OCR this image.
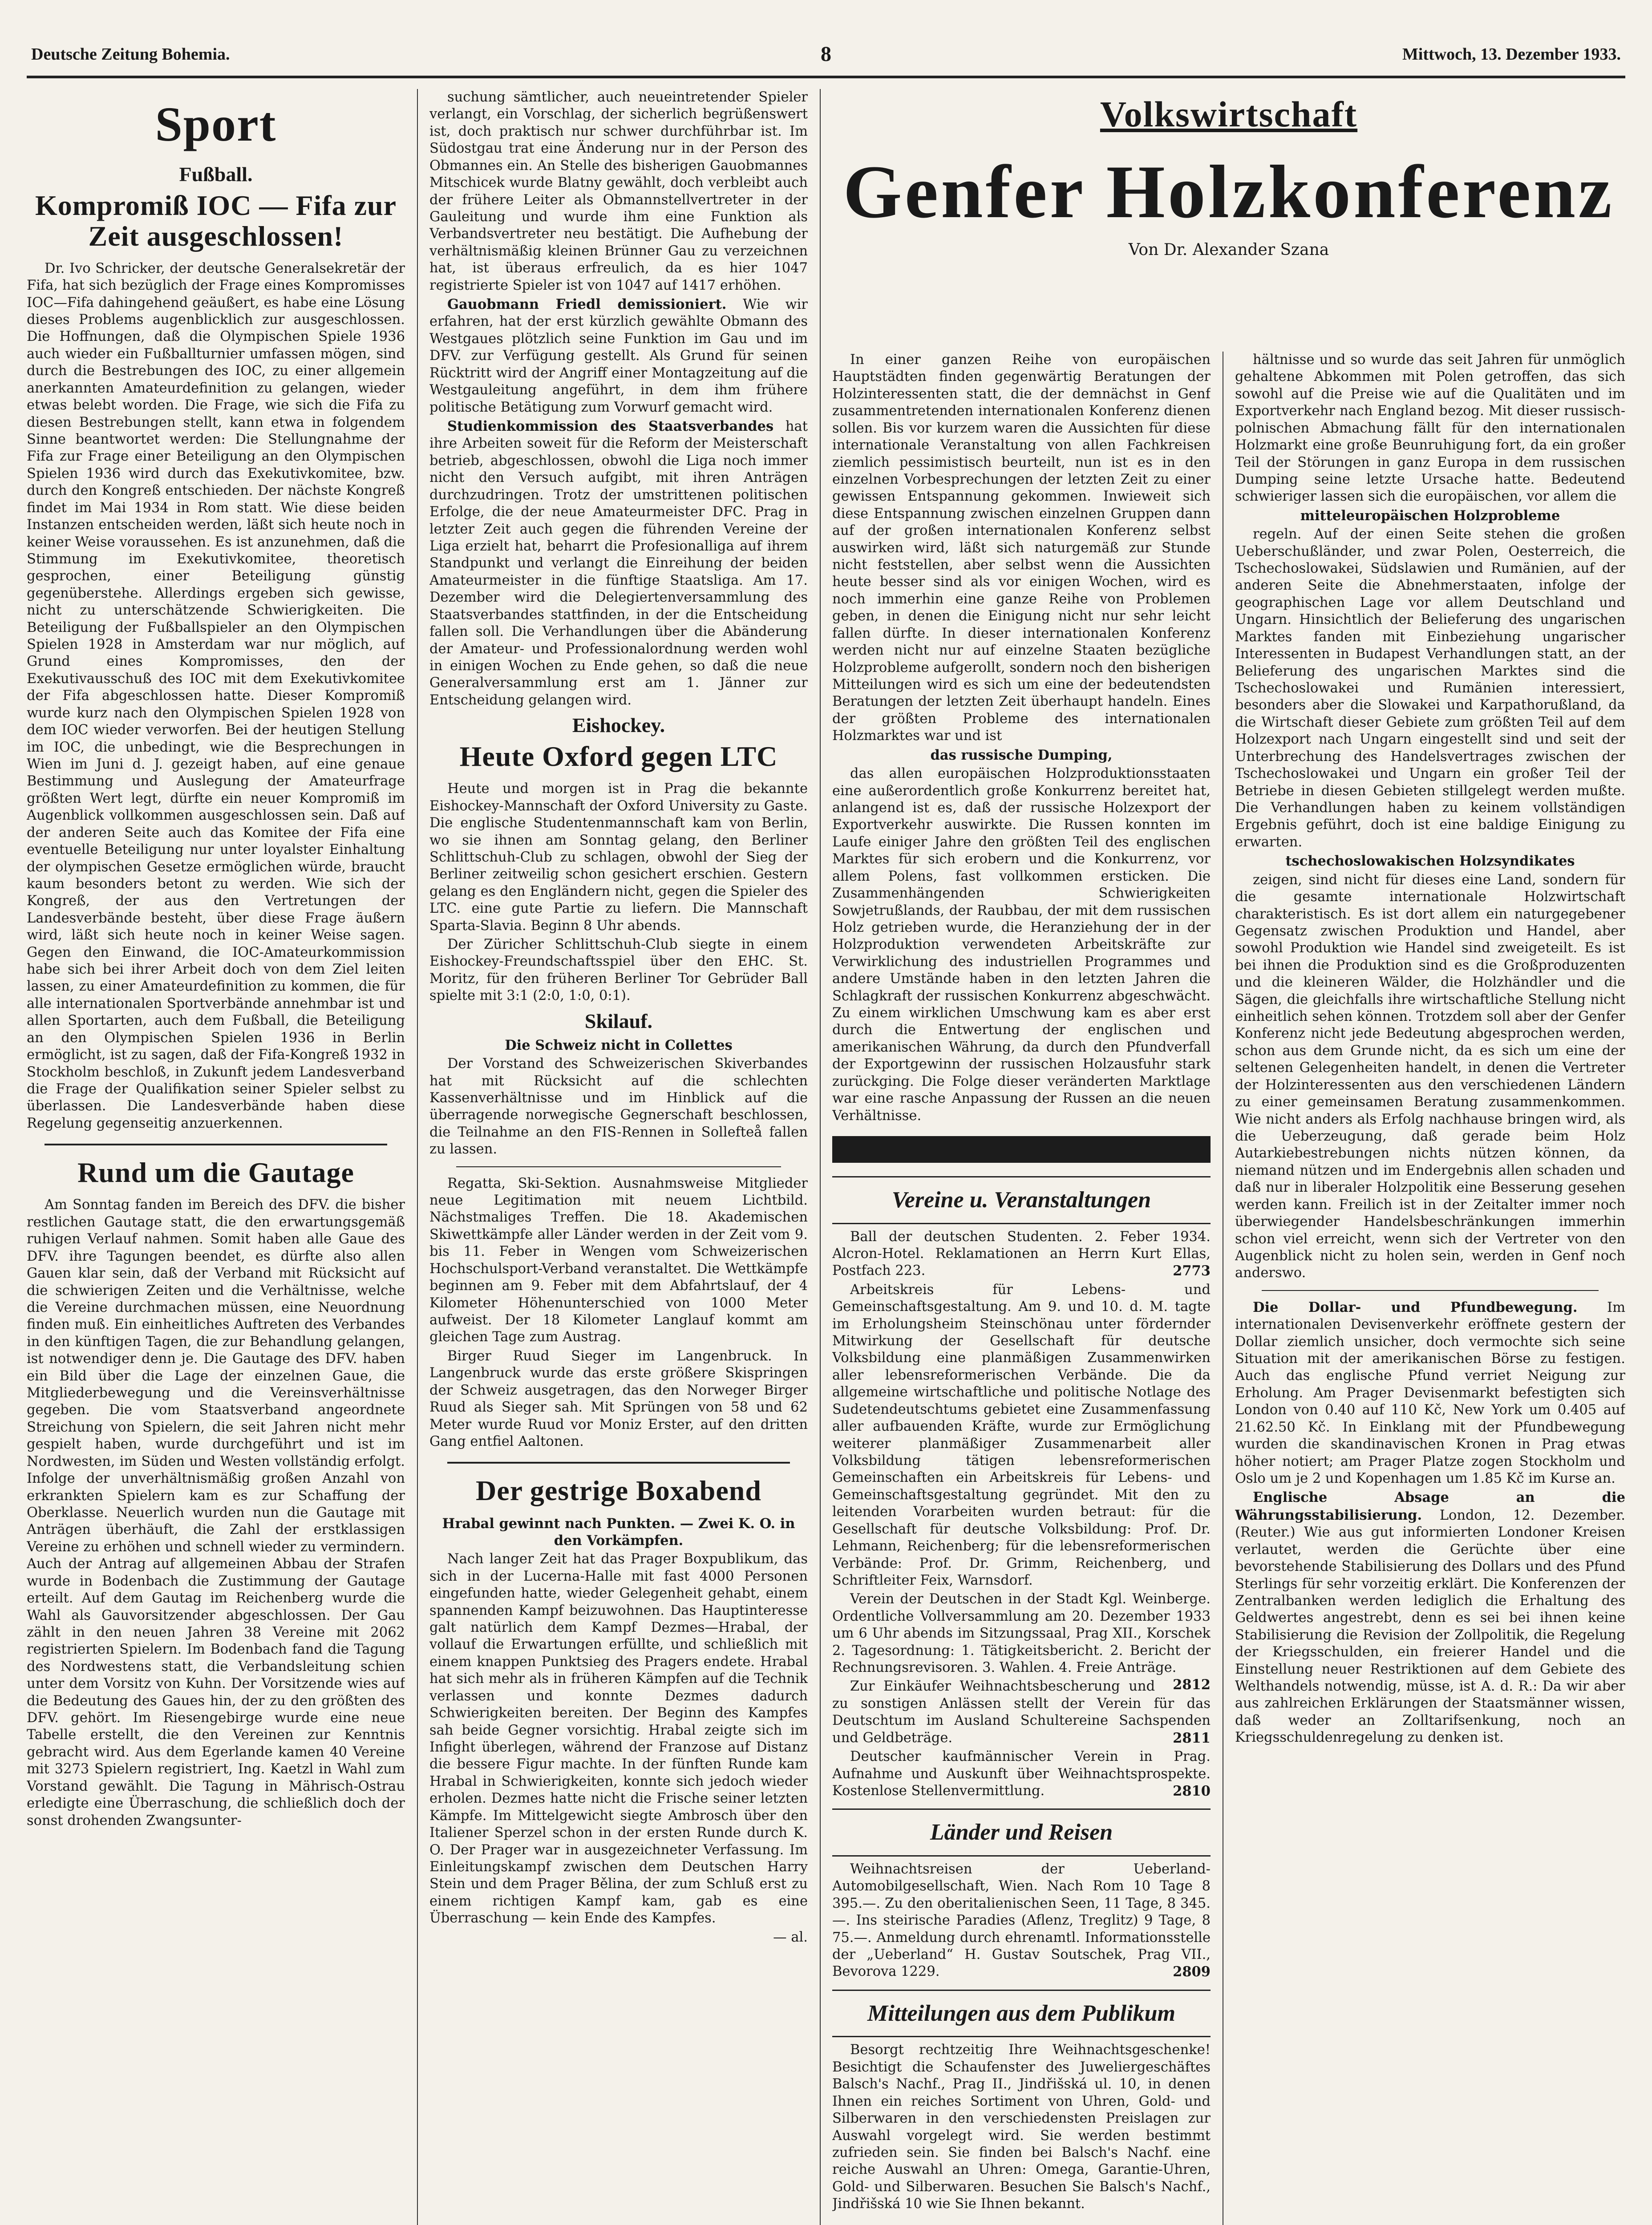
Deutsche Zeitung Bohemia.	8	Mittwoch, 13. Dezember 1933.
Sport
Fußball.
Kompromiß IOC — Fifa zur Zeit ausgeschlossen!

Dr. Ivo Schricker, der deutsche Generalsekretär der Fifa, hat sich bezüglich der Frage eines Kompromisses IOC—Fifa dahingehend geäußert, es habe eine Lösung dieses Problems augenblicklich zur ausgeschlossen. Die Hoffnungen, daß die Olympischen Spiele 1936 auch wieder ein Fußballturnier umfassen mögen, sind durch die Bestrebungen des IOC, zu einer allgemein anerkannten Amateurdefinition zu gelangen, wieder etwas belebt worden. Die Frage, wie sich die Fifa zu diesen Bestrebungen stellt, kann etwa in folgendem Sinne beantwortet werden: Die Stellungnahme der Fifa zur Frage einer Beteiligung an den Olympischen Spielen 1936 wird durch das Exekutivkomitee, bzw. durch den Kongreß entschieden. Der nächste Kongreß findet im Mai 1934 in Rom statt. Wie diese beiden Instanzen entscheiden werden, läßt sich heute noch in keiner Weise voraussehen. Es ist anzunehmen, daß die Stimmung im Exekutivkomitee, theoretisch gesprochen, einer Beteiligung günstig gegenüberstehe. Allerdings ergeben sich gewisse, nicht zu unterschätzende Schwierigkeiten. Die Beteiligung der Fußballspieler an den Olympischen Spielen 1928 in Amsterdam war nur möglich, auf Grund eines Kompromisses, den der Exekutivausschuß des IOC mit dem Exekutivkomitee der Fifa abgeschlossen hatte. Dieser Kompromiß wurde kurz nach den Olympischen Spielen 1928 von dem IOC wieder verworfen. Bei der heutigen Stellung im IOC, die unbedingt, wie die Besprechungen in Wien im Juni d. J. gezeigt haben, auf eine genaue Bestimmung und Auslegung der Amateurfrage größten Wert legt, dürfte ein neuer Kompromiß im Augenblick vollkommen ausgeschlossen sein. Daß auf der anderen Seite auch das Komitee der Fifa eine eventuelle Beteiligung nur unter loyalster Einhaltung der olympischen Gesetze ermöglichen würde, braucht kaum besonders betont zu werden. Wie sich der Kongreß, der aus den Vertretungen der Landesverbände besteht, über diese Frage äußern wird, läßt sich heute noch in keiner Weise sagen. Gegen den Einwand, die IOC-Amateurkommission habe sich bei ihrer Arbeit doch von dem Ziel leiten lassen, zu einer Amateurdefinition zu kommen, die für alle internationalen Sportverbände annehmbar ist und allen Sportarten, auch dem Fußball, die Beteiligung an den Olympischen Spielen 1936 in Berlin ermöglicht, ist zu sagen, daß der Fifa-Kongreß 1932 in Stockholm beschloß, in Zukunft jedem Landesverband die Frage der Qualifikation seiner Spieler selbst zu überlassen. Die Landesverbände haben diese Regelung gegenseitig anzuerkennen.

Rund um die Gautage

Am Sonntag fanden im Bereich des DFV. die bisher restlichen Gautage statt, die den erwartungsgemäß ruhigen Verlauf nahmen. Somit haben alle Gaue des DFV. ihre Tagungen beendet, es dürfte also allen Gauen klar sein, daß der Verband mit Rücksicht auf die schwierigen Zeiten und die Verhältnisse, welche die Vereine durchmachen müssen, eine Neuordnung finden muß. Ein einheitliches Auftreten des Verbandes in den künftigen Tagen, die zur Behandlung gelangen, ist notwendiger denn je. Die Gautage des DFV. haben ein Bild über die Lage der einzelnen Gaue, die Mitgliederbewegung und die Vereinsverhältnisse gegeben. Die vom Staatsverband angeordnete Streichung von Spielern, die seit Jahren nicht mehr gespielt haben, wurde durchgeführt und ist im Nordwesten, im Süden und Westen vollständig erfolgt. Infolge der unverhältnismäßig großen Anzahl von erkrankten Spielern kam es zur Schaffung der Oberklasse. Neuerlich wurden nun die Gautage mit Anträgen überhäuft, die Zahl der erstklassigen Vereine zu erhöhen und schnell wieder zu vermindern. Auch der Antrag auf allgemeinen Abbau der Strafen wurde in Bodenbach die Zustimmung der Gautage erteilt. Auf dem Gautag im Reichenberg wurde die Wahl als Gauvorsitzender abgeschlossen. Der Gau zählt in den neuen Jahren 38 Vereine mit 2062 registrierten Spielern. Im Bodenbach fand die Tagung des Nordwestens statt, die Verbandsleitung schien unter dem Vorsitz von Kuhn. Der Vorsitzende wies auf die Bedeutung des Gaues hin, der zu den größten des DFV. gehört. Im Riesengebirge wurde eine neue Tabelle erstellt, die den Vereinen zur Kenntnis gebracht wird. Aus dem Egerlande kamen 40 Vereine mit 3273 Spielern registriert, Ing. Kaetzl in Wahl zum Vorstand gewählt. Die Tagung in Mährisch-Ostrau erledigte eine Überraschung, die schließlich doch der sonst drohenden Zwangsunter-

suchung sämtlicher, auch neueintretender Spieler verlangt, ein Vorschlag, der sicherlich begrüßenswert ist, doch praktisch nur schwer durchführbar ist. Im Südostgau trat eine Änderung nur in der Person des Obmannes ein. An Stelle des bisherigen Gauobmannes Mitschicek wurde Blatny gewählt, doch verbleibt auch der frühere Leiter als Obmannstellvertreter in der Gauleitung und wurde ihm eine Funktion als Verbandsvertreter neu bestätigt. Die Aufhebung der verhältnismäßig kleinen Brünner Gau zu verzeichnen hat, ist überaus erfreulich, da es hier 1047 registrierte Spieler ist von 1047 auf 1417 erhöhen.

Gauobmann Friedl demissioniert. Wie wir erfahren, hat der erst kürzlich gewählte Obmann des Westgaues plötzlich seine Funktion im Gau und im DFV. zur Verfügung gestellt. Als Grund für seinen Rücktritt wird der Angriff einer Montagzeitung auf die Westgauleitung angeführt, in dem ihm frühere politische Betätigung zum Vorwurf gemacht wird.

Studienkommission des Staatsverbandes hat ihre Arbeiten soweit für die Reform der Meisterschaft betrieb, abgeschlossen, obwohl die Liga noch immer nicht den Versuch aufgibt, mit ihren Anträgen durchzudringen. Trotz der umstrittenen politischen Erfolge, die der neue Amateurmeister DFC. Prag in letzter Zeit auch gegen die führenden Vereine der Liga erzielt hat, beharrt die Profesionalliga auf ihrem Standpunkt und verlangt die Einreihung der beiden Amateurmeister in die fünftige Staatsliga. Am 17. Dezember wird die Delegiertenversammlung des Staatsverbandes stattfinden, in der die Entscheidung fallen soll. Die Verhandlungen über die Abänderung der Amateur- und Professionalordnung werden wohl in einigen Wochen zu Ende gehen, so daß die neue Generalversammlung erst am 1. Jänner zur Entscheidung gelangen wird.

Eishockey.
Heute Oxford gegen LTC

Heute und morgen ist in Prag die bekannte Eishockey-Mannschaft der Oxford University zu Gaste. Die englische Studentenmannschaft kam von Berlin, wo sie ihnen am Sonntag gelang, den Berliner Schlittschuh-Club zu schlagen, obwohl der Sieg der Berliner zeitweilig schon gesichert erschien. Gestern gelang es den Engländern nicht, gegen die Spieler des LTC. eine gute Partie zu liefern. Die Mannschaft Sparta-Slavia. Beginn 8 Uhr abends.

Der Züricher Schlittschuh-Club siegte in einem Eishockey-Freundschaftsspiel über den EHC. St. Moritz, für den früheren Berliner Tor Gebrüder Ball spielte mit 3:1 (2:0, 1:0, 0:1).

Skilauf.

Die Schweiz nicht in Collettes

Der Vorstand des Schweizerischen Skiverbandes hat mit Rücksicht auf die schlechten Kassenverhältnisse und im Hinblick auf die überragende norwegische Gegnerschaft beschlossen, die Teilnahme an den FIS-Rennen in Sollefteå fallen zu lassen.

Regatta, Ski-Sektion. Ausnahmsweise Mitglieder neue Legitimation mit neuem Lichtbild. Nächstmaliges Treffen. Die 18. Akademischen Skiwettkämpfe aller Länder werden in der Zeit vom 9. bis 11. Feber in Wengen vom Schweizerischen Hochschulsport-Verband veranstaltet. Die Wettkämpfe beginnen am 9. Feber mit dem Abfahrtslauf, der 4 Kilometer Höhenunterschied von 1000 Meter aufweist. Der 18 Kilometer Langlauf kommt am gleichen Tage zum Austrag.

Birger Ruud Sieger im Langenbruck. In Langenbruck wurde das erste größere Skispringen der Schweiz ausgetragen, das den Norweger Birger Ruud als Sieger sah. Mit Sprüngen von 58 und 62 Meter wurde Ruud vor Moniz Erster, auf den dritten Gang entfiel Aaltonen.

Der gestrige Boxabend

Hrabal gewinnt nach Punkten. — Zwei K. O. in den Vorkämpfen.

Nach langer Zeit hat das Prager Boxpublikum, das sich in der Lucerna-Halle mit fast 4000 Personen eingefunden hatte, wieder Gelegenheit gehabt, einem spannenden Kampf beizuwohnen. Das Hauptinteresse galt natürlich dem Kampf Dezmes—Hrabal, der vollauf die Erwartungen erfüllte, und schließlich mit einem knappen Punktsieg des Pragers endete. Hrabal hat sich mehr als in früheren Kämpfen auf die Technik verlassen und konnte Dezmes dadurch Schwierigkeiten bereiten. Der Beginn des Kampfes sah beide Gegner vorsichtig. Hrabal zeigte sich im Infight überlegen, während der Franzose auf Distanz die bessere Figur machte. In der fünften Runde kam Hrabal in Schwierigkeiten, konnte sich jedoch wieder erholen. Dezmes hatte nicht die Frische seiner letzten Kämpfe. Im Mittelgewicht siegte Ambrosch über den Italiener Sperzel schon in der ersten Runde durch K. O. Der Prager war in ausgezeichneter Verfassung. Im Einleitungskampf zwischen dem Deutschen Harry Stein und dem Prager Bělina, der zum Schluß erst zu einem richtigen Kampf kam, gab es eine Überraschung — kein Ende des Kampfes.

— al.

Volkswirtschaft
Genfer Holzkonferenz
Von Dr. Alexander Szana

In einer ganzen Reihe von europäischen Hauptstädten finden gegenwärtig Beratungen der Holzinteressenten statt, die der demnächst in Genf zusammentretenden internationalen Konferenz dienen sollen. Bis vor kurzem waren die Aussichten für diese internationale Veranstaltung von allen Fachkreisen ziemlich pessimistisch beurteilt, nun ist es in den einzelnen Vorbesprechungen der letzten Zeit zu einer gewissen Entspannung gekommen. Inwieweit sich diese Entspannung zwischen einzelnen Gruppen dann auf der großen internationalen Konferenz selbst auswirken wird, läßt sich naturgemäß zur Stunde nicht feststellen, aber selbst wenn die Aussichten heute besser sind als vor einigen Wochen, wird es noch immerhin eine ganze Reihe von Problemen geben, in denen die Einigung nicht nur sehr leicht fallen dürfte. In dieser internationalen Konferenz werden nicht nur auf einzelne Staaten bezügliche Holzprobleme aufgerollt, sondern noch den bisherigen Mitteilungen wird es sich um eine der bedeutendsten Beratungen der letzten Zeit überhaupt handeln. Eines der größten Probleme des internationalen Holzmarktes war und ist

das russische Dumping,

das allen europäischen Holzproduktionsstaaten eine außerordentlich große Konkurrenz bereitet hat, anlangend ist es, daß der russische Holzexport der Exportverkehr auswirkte. Die Russen konnten im Laufe einiger Jahre den größten Teil des englischen Marktes für sich erobern und die Konkurrenz, vor allem Polens, fast vollkommen ersticken. Die Zusammenhängenden Schwierigkeiten Sowjetrußlands, der Raubbau, der mit dem russischen Holz getrieben wurde, die Heranziehung der in der Holzproduktion verwendeten Arbeitskräfte zur Verwirklichung des industriellen Programmes und andere Umstände haben in den letzten Jahren die Schlagkraft der russischen Konkurrenz abgeschwächt. Zu einem wirklichen Umschwung kam es aber erst durch die Entwertung der englischen und amerikanischen Währung, da durch den Pfundverfall der Exportgewinn der russischen Holzausfuhr stark zurückging. Die Folge dieser veränderten Marktlage war eine rasche Anpassung der Russen an die neuen Verhältnisse.

Vereine u. Veranstaltungen

Ball der deutschen Studenten. 2. Feber 1934. Alcron-Hotel. Reklamationen an Herrn Kurt Ellas, Postfach 223.	2773

Arbeitskreis für Lebens- und Gemeinschaftsgestaltung. Am 9. und 10. d. M. tagte im Erholungsheim Steinschönau unter fördernder Mitwirkung der Gesellschaft für deutsche Volksbildung eine planmäßigen Zusammenwirken aller lebensreformerischen Verbände. Die da allgemeine wirtschaftliche und politische Notlage des Sudetendeutschtums gebietet eine Zusammenfassung aller aufbauenden Kräfte, wurde zur Ermöglichung weiterer planmäßiger Zusammenarbeit aller Volksbildung tätigen lebensreformerischen Gemeinschaften ein Arbeitskreis für Lebens- und Gemeinschaftsgestaltung gegründet. Mit den zu leitenden Vorarbeiten wurden betraut: für die Gesellschaft für deutsche Volksbildung: Prof. Dr. Lehmann, Reichenberg; für die lebensreformerischen Verbände: Prof. Dr. Grimm, Reichenberg, und Schriftleiter Feix, Warnsdorf.

Verein der Deutschen in der Stadt Kgl. Weinberge. Ordentliche Vollversammlung am 20. Dezember 1933 um 6 Uhr abends im Sitzungssaal, Prag XII., Korschek 2. Tagesordnung: 1. Tätigkeitsbericht. 2. Bericht der Rechnungsrevisoren. 3. Wahlen. 4. Freie Anträge.
2812

Zur Einkäufer Weihnachtsbescherung und zu sonstigen Anlässen stellt der Verein für das Deutschtum im Ausland Schultereine Sachspenden und Geldbeträge.	2811

Deutscher kaufmännischer Verein in Prag. Aufnahme und Auskunft über Weihnachtsprospekte. Kostenlose Stellenvermittlung.	2810

Länder und Reisen

Weihnachtsreisen der Ueberland-Automobilgesellschaft, Wien. Nach Rom 10 Tage 8 395.—. Zu den oberitalienischen Seen, 11 Tage, 8 345.—. Ins steirische Paradies (Aflenz, Treglitz) 9 Tage, 8 75.—. Anmeldung durch ehrenamtl. Informationsstelle der „Ueberland“ H. Gustav Soutschek, Prag VII., Bevorova 1229.	2809

Mitteilungen aus dem Publikum

Besorgt rechtzeitig Ihre Weihnachtsgeschenke! Besichtigt die Schaufenster des Juweliergeschäftes Balsch's Nachf., Prag II., Jindřišská ul. 10, in denen Ihnen ein reiches Sortiment von Uhren, Gold- und Silberwaren in den verschiedensten Preislagen zur Auswahl vorgelegt wird. Sie werden bestimmt zufrieden sein. Sie finden bei Balsch's Nachf. eine reiche Auswahl an Uhren: Omega, Garantie-Uhren, Gold- und Silberwaren. Besuchen Sie Balsch's Nachf., Jindřišská 10 wie Sie Ihnen bekannt.

hältnisse und so wurde das seit Jahren für unmöglich gehaltene Abkommen mit Polen getroffen, das sich sowohl auf die Preise wie auf die Qualitäten und im Exportverkehr nach England bezog. Mit dieser russisch-polnischen Abmachung fällt für den internationalen Holzmarkt eine große Beunruhigung fort, da ein großer Teil der Störungen in ganz Europa in dem russischen Dumping seine letzte Ursache hatte. Bedeutend schwieriger lassen sich die europäischen, vor allem die

mitteleuropäischen Holzprobleme

regeln. Auf der einen Seite stehen die großen Ueberschußländer, und zwar Polen, Oesterreich, die Tschechoslowakei, Südslawien und Rumänien, auf der anderen Seite die Abnehmerstaaten, infolge der geographischen Lage vor allem Deutschland und Ungarn. Hinsichtlich der Belieferung des ungarischen Marktes fanden mit Einbeziehung ungarischer Interessenten in Budapest Verhandlungen statt, an der Belieferung des ungarischen Marktes sind die Tschechoslowakei und Rumänien interessiert, besonders aber die Slowakei und Karpathorußland, da die Wirtschaft dieser Gebiete zum größten Teil auf dem Holzexport nach Ungarn eingestellt sind und seit der Unterbrechung des Handelsvertrages zwischen der Tschechoslowakei und Ungarn ein großer Teil der Betriebe in diesen Gebieten stillgelegt werden mußte. Die Verhandlungen haben zu keinem vollständigen Ergebnis geführt, doch ist eine baldige Einigung zu erwarten.

tschechoslowakischen Holzsyndikates

zeigen, sind nicht für dieses eine Land, sondern für die gesamte internationale Holzwirtschaft charakteristisch. Es ist dort allem ein naturgegebener Gegensatz zwischen Produktion und Handel, aber sowohl Produktion wie Handel sind zweigeteilt. Es ist bei ihnen die Produktion sind es die Großproduzenten und die kleineren Wälder, die Holzhändler und die Sägen, die gleichfalls ihre wirtschaftliche Stellung nicht einheitlich sehen können. Trotzdem soll aber der Genfer Konferenz nicht jede Bedeutung abgesprochen werden, schon aus dem Grunde nicht, da es sich um eine der seltenen Gelegenheiten handelt, in denen die Vertreter der Holzinteressenten aus den verschiedenen Ländern zu einer gemeinsamen Beratung zusammenkommen. Wie nicht anders als Erfolg nachhause bringen wird, als die Ueberzeugung, daß gerade beim Holz Autarkiebestrebungen nichts nützen können, da niemand nützen und im Endergebnis allen schaden und daß nur in liberaler Holzpolitik eine Besserung gesehen werden kann. Freilich ist in der Zeitalter immer noch überwiegender Handelsbeschränkungen immerhin schon viel erreicht, wenn sich der Vertreter von den Augenblick nicht zu holen sein, werden in Genf noch anderswo.

Die Dollar- und Pfundbewegung. Im internationalen Devisenverkehr eröffnete gestern der Dollar ziemlich unsicher, doch vermochte sich seine Situation mit der amerikanischen Börse zu festigen. Auch das englische Pfund verriet Neigung zur Erholung. Am Prager Devisenmarkt befestigten sich London von 0.40 auf 110 Kč, New York um 0.405 auf 21.62.50 Kč. In Einklang mit der Pfundbewegung wurden die skandinavischen Kronen in Prag etwas höher notiert; am Prager Platze zogen Stockholm und Oslo um je 2 und Kopenhagen um 1.85 Kč im Kurse an.

Englische Absage an die Währungsstabilisierung. London, 12. Dezember. (Reuter.) Wie aus gut informierten Londoner Kreisen verlautet, werden die Gerüchte über eine bevorstehende Stabilisierung des Dollars und des Pfund Sterlings für sehr vorzeitig erklärt. Die Konferenzen der Zentralbanken werden lediglich die Erhaltung des Geldwertes angestrebt, denn es sei bei ihnen keine Stabilisierung die Revision der Zollpolitik, die Regelung der Kriegsschulden, ein freierer Handel und die Einstellung neuer Restriktionen auf dem Gebiete des Welthandels notwendig, müsse, ist A. d. R.: Da wir aber aus zahlreichen Erklärungen der Staatsmänner wissen, daß weder an Zolltarifsenkung, noch an Kriegsschuldenregelung zu denken ist.
